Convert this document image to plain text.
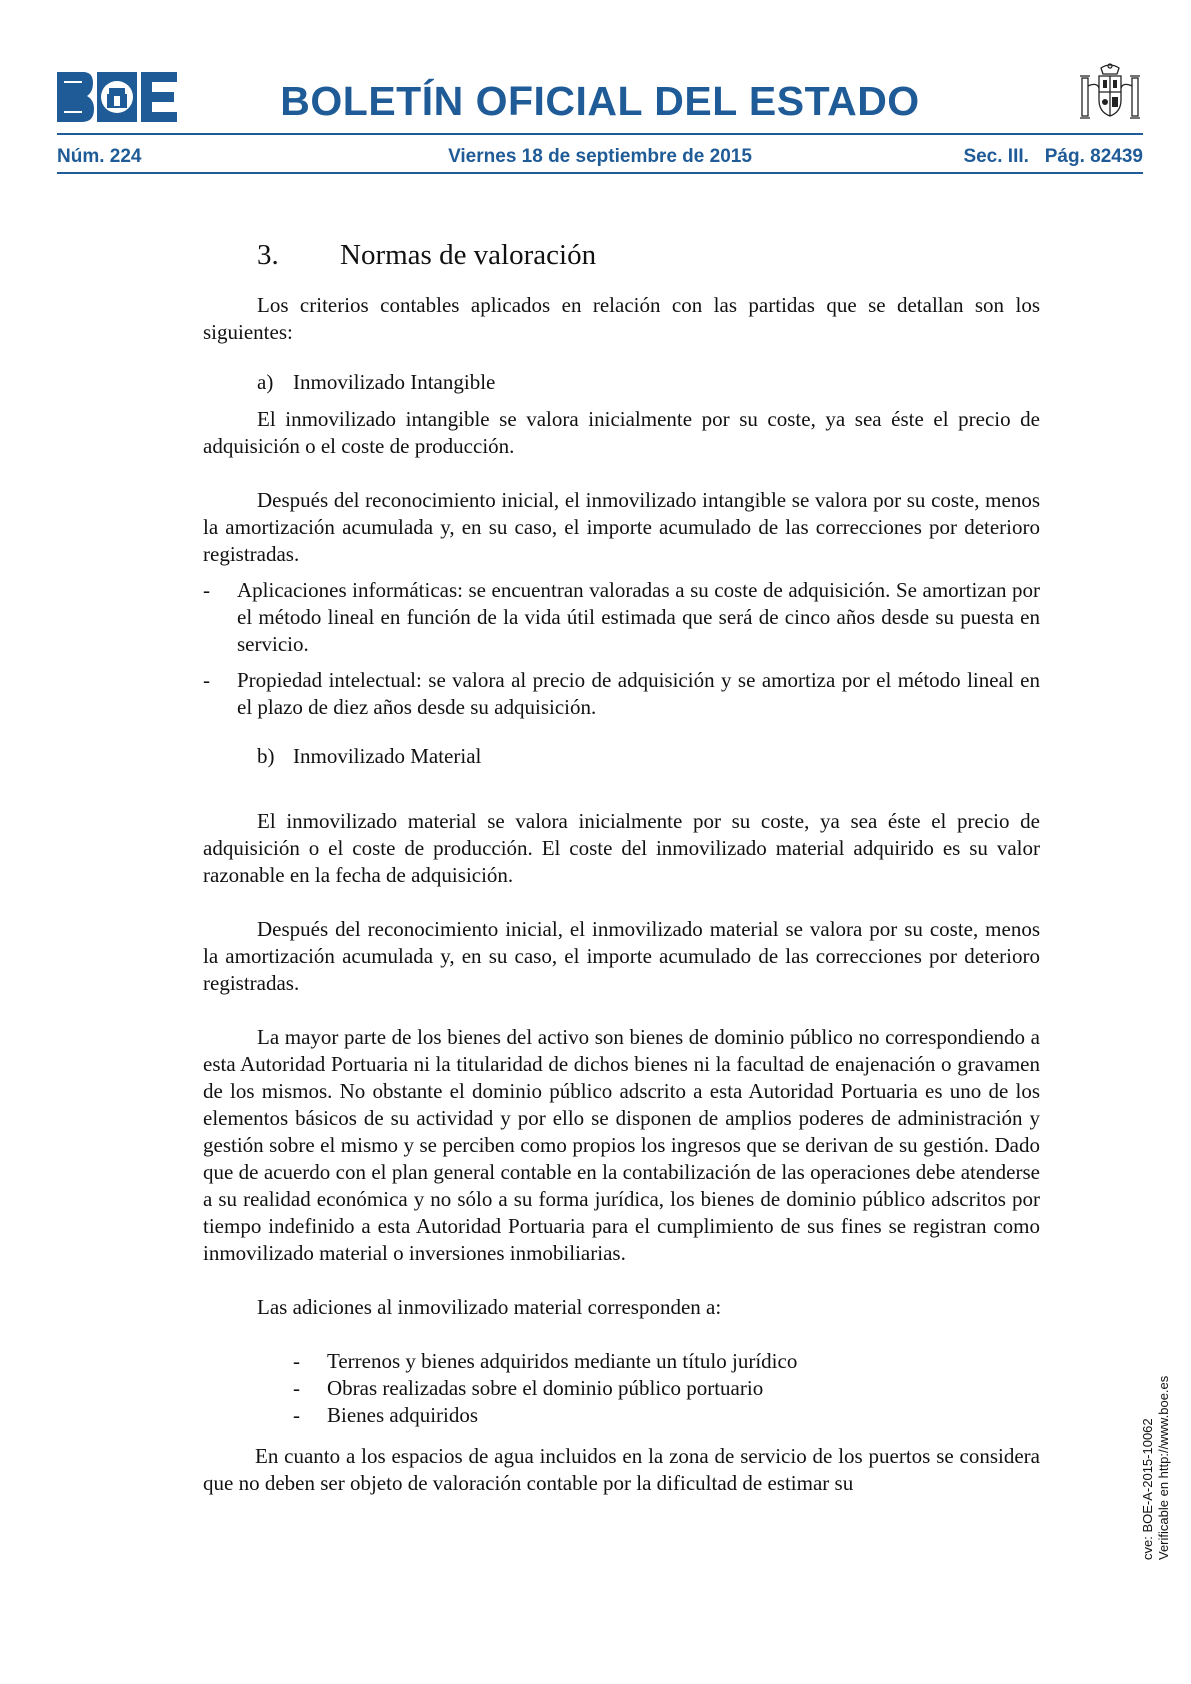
BOLETÍN OFICIAL DEL ESTADO
Núm. 224	Viernes 18 de septiembre de 2015	Sec. III.   Pág. 82439
3. Normas de valoración

Los criterios contables aplicados en relación con las partidas que se detallan son los siguientes:

a) Inmovilizado Intangible

El inmovilizado intangible se valora inicialmente por su coste, ya sea éste el precio de adquisición o el coste de producción.

Después del reconocimiento inicial, el inmovilizado intangible se valora por su coste, menos la amortización acumulada y, en su caso, el importe acumulado de las correcciones por deterioro registradas.

- Aplicaciones informáticas: se encuentran valoradas a su coste de adquisición. Se amortizan por el método lineal en función de la vida útil estimada que será de cinco años desde su puesta en servicio.
- Propiedad intelectual: se valora al precio de adquisición y se amortiza por el método lineal en el plazo de diez años desde su adquisición.
b) Inmovilizado Material

El inmovilizado material se valora inicialmente por su coste, ya sea éste el precio de adquisición o el coste de producción. El coste del inmovilizado material adquirido es su valor razonable en la fecha de adquisición.

Después del reconocimiento inicial, el inmovilizado material se valora por su coste, menos la amortización acumulada y, en su caso, el importe acumulado de las correcciones por deterioro registradas.

La mayor parte de los bienes del activo son bienes de dominio público no correspondiendo a esta Autoridad Portuaria ni la titularidad de dichos bienes ni la facultad de enajenación o gravamen de los mismos. No obstante el dominio público adscrito a esta Autoridad Portuaria es uno de los elementos básicos de su actividad y por ello se disponen de amplios poderes de administración y gestión sobre el mismo y se perciben como propios los ingresos que se derivan de su gestión. Dado que de acuerdo con el plan general contable en la contabilización de las operaciones debe atenderse a su realidad económica y no sólo a su forma jurídica, los bienes de dominio público adscritos por tiempo indefinido a esta Autoridad Portuaria para el cumplimiento de sus fines se registran como inmovilizado material o inversiones inmobiliarias.

Las adiciones al inmovilizado material corresponden a:

- Terrenos y bienes adquiridos mediante un título jurídico
- Obras realizadas sobre el dominio público portuario
- Bienes adquiridos

En cuanto a los espacios de agua incluidos en la zona de servicio de los puertos se considera que no deben ser objeto de valoración contable por la dificultad de estimar su	cve: BOE-A-2015-10062 Verificable en http://www.boe.es
